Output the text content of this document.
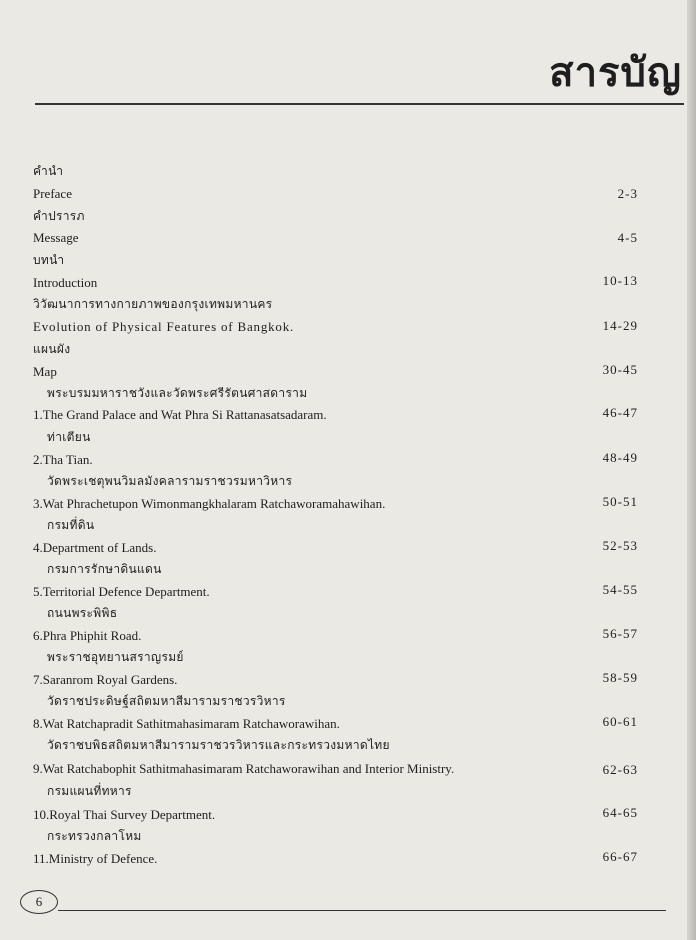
สารบัญ
คำนำ
Preface	2-3
คำปรารภ
Message	4-5
บทนำ
Introduction	10-13
วิวัฒนาการทางกายภาพของกรุงเทพมหานคร
Evolution of Physical Features of Bangkok.	14-29
แผนผัง
Map	30-45
พระบรมมหาราชวังและวัดพระศรีรัตนศาสดาราม
1.The Grand Palace and Wat Phra Si Rattanasatsadaram.	46-47
ท่าเตียน
2.Tha Tian.	48-49
วัดพระเชตุพนวิมลมังคลารามราชวรมหาวิหาร
3.Wat Phrachetupon Wimonmangkhalaram Ratchaworamahawihan.	50-51
กรมที่ดิน
4.Department of Lands.	52-53
กรมการรักษาดินแดน
5.Territorial Defence Department.	54-55
ถนนพระพิพิธ
6.Phra Phiphit Road.	56-57
พระราชอุทยานสราญรมย์
7.Saranrom Royal Gardens.	58-59
วัดราชประดิษฐ์สถิตมหาสีมารามราชวรวิหาร
8.Wat Ratchapradit Sathitmahasimaram Ratchaworawihan.	60-61
วัดราชบพิธสถิตมหาสีมารามราชวรวิหารและกระทรวงมหาดไทย
9.Wat Ratchabophit Sathitmahasimaram Ratchaworawihan and Interior Ministry.	62-63
กรมแผนที่ทหาร
10.Royal Thai Survey Department.	64-65
กระทรวงกลาโหม
11.Ministry of Defence.	66-67
6
